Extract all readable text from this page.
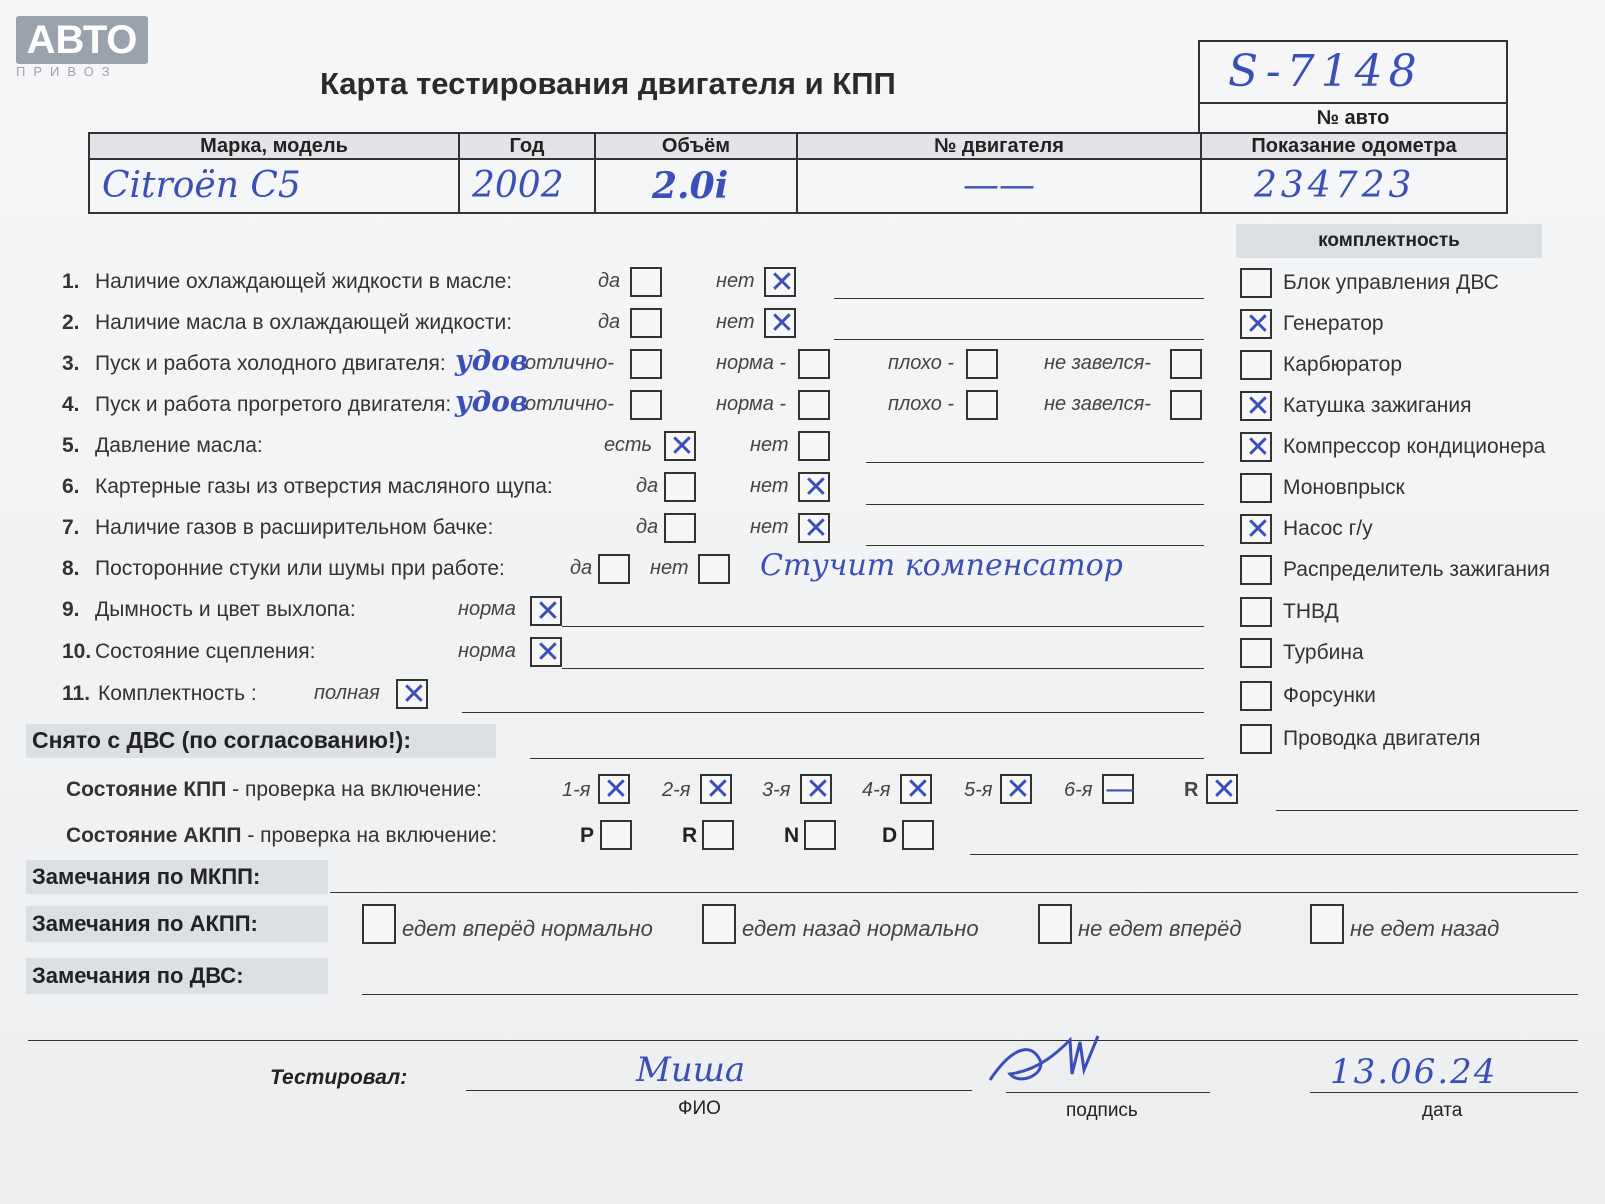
АВТО
ПРИВОЗ	Карта тестирования двигателя и КПП	S-7148
№ авто
Марка, модель	Год	Объём	№ двигателя	Показание одометра
Citroën C5	2002	2.0i	——	234723
комплектность
Блок управления ДВС
✕ Генератор
Карбюратор
✕ Катушка зажигания
✕ Компрессор кондиционера
Моновпрыск
✕ Насос г/у
Распределитель зажигания
ТНВД
Турбина
Форсунки
Проводка двигателя
1. Наличие охлаждающей жидкости в масле:	да	нет ✕
2. Наличие масла в охлаждающей жидкости:	да	нет ✕
3. Пуск и работа холодного двигателя: удов
отлично-	норма -	плохо -	не завелся-
4. Пуск и работа прогретого двигателя: удов
отлично-	норма -	плохо -	не завелся-
5. Давление масла:	есть ✕	нет
6. Картерные газы из отверстия масляного щупа:	да	нет ✕
7. Наличие газов в расширительном бачке:	да	нет ✕
8. Посторонние стуки или шумы при работе:	да	нет Стучит компенсатор
9. Дымность и цвет выхлопа:	норма ✕
10. Состояние сцепления:	норма ✕
11. Комплектность :	полная ✕
Снято с ДВС (по согласованию!):
Состояние КПП - проверка на включение:	1-я ✕ 2-я ✕ 3-я ✕ 4-я ✕ 5-я ✕ 6-я — R ✕
Состояние АКПП - проверка на включение:	P	R	N	D
Замечания по МКПП:
Замечания по АКПП:	едет вперёд нормально	едет назад нормально	не едет вперёд	не едет назад
Замечания по ДВС:
Тестировал:	Миша
ФИО	подпись
13.06.24
дата
